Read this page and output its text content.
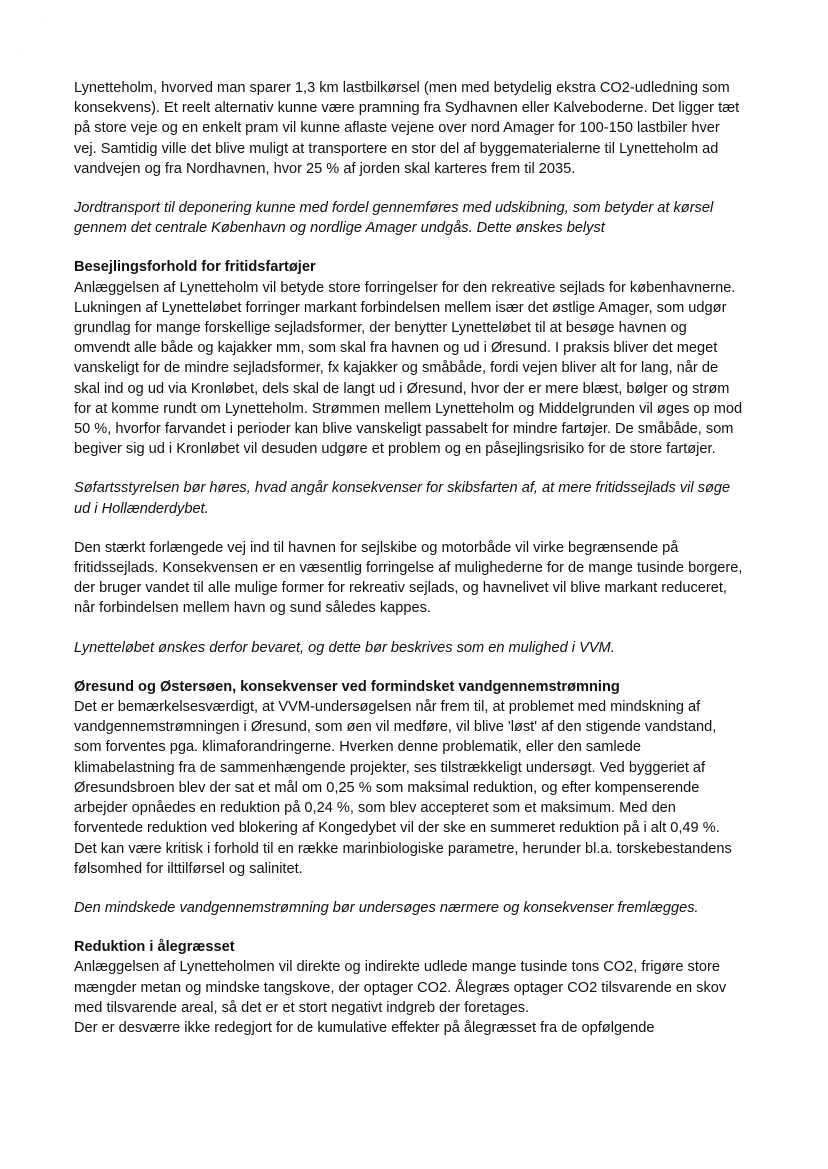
·
·

Lynetteholm, hvorved man sparer 1,3 km lastbilkørsel (men med betydelig ekstra CO2-udledning som konsekvens). Et reelt alternativ kunne være pramning fra Sydhavnen eller Kalveboderne. Det ligger tæt på store veje og en enkelt pram vil kunne aflaste vejene over nord Amager for 100-150 lastbiler hver vej. Samtidig ville det blive muligt at transportere en stor del af byggematerialerne til Lynetteholm ad vandvejen og fra Nordhavnen, hvor 25 % af jorden skal karteres frem til 2035.

Jordtransport til deponering kunne med fordel gennemføres med udskibning, som betyder at kørsel gennem det centrale København og nordlige Amager undgås. Dette ønskes belyst

Besejlingsforhold for fritidsfartøjer

Anlæggelsen af Lynetteholm vil betyde store forringelser for den rekreative sejlads for københavnerne. Lukningen af Lynetteløbet forringer markant forbindelsen mellem især det østlige Amager, som udgør grundlag for mange forskellige sejladsformer, der benytter Lynetteløbet til at besøge havnen og omvendt alle både og kajakker mm, som skal fra havnen og ud i Øresund. I praksis bliver det meget vanskeligt for de mindre sejladsformer, fx kajakker og småbåde, fordi vejen bliver alt for lang, når de skal ind og ud via Kronløbet, dels skal de langt ud i Øresund, hvor der er mere blæst, bølger og strøm for at komme rundt om Lynetteholm. Strømmen mellem Lynetteholm og Middelgrunden vil øges op mod 50 %, hvorfor farvandet i perioder kan blive vanskeligt passabelt for mindre fartøjer. De småbåde, som begiver sig ud i Kronløbet vil desuden udgøre et problem og en påsejlingsrisiko for de store fartøjer.

Søfartsstyrelsen bør høres, hvad angår konsekvenser for skibsfarten af, at mere fritidssejlads vil søge ud i Hollænderdybet.

Den stærkt forlængede vej ind til havnen for sejlskibe og motorbåde vil virke begrænsende på fritidssejlads. Konsekvensen er en væsentlig forringelse af mulighederne for de mange tusinde borgere, der bruger vandet til alle mulige former for rekreativ sejlads, og havnelivet vil blive markant reduceret, når forbindelsen mellem havn og sund således kappes.

Lynetteløbet ønskes derfor bevaret, og dette bør beskrives som en mulighed i VVM.

Øresund og Østersøen, konsekvenser ved formindsket vandgennemstrømning

Det er bemærkelsesværdigt, at VVM-undersøgelsen når frem til, at problemet med mindskning af vandgennemstrømningen i Øresund, som øen vil medføre, vil blive 'løst' af den stigende vandstand, som forventes pga. klimaforandringerne. Hverken denne problematik, eller den samlede klimabelastning fra de sammenhængende projekter, ses tilstrækkeligt undersøgt. Ved byggeriet af Øresundsbroen blev der sat et mål om 0,25 % som maksimal reduktion, og efter kompenserende arbejder opnåedes en reduktion på 0,24 %, som blev accepteret som et maksimum. Med den forventede reduktion ved blokering af Kongedybet vil der ske en summeret reduktion på i alt 0,49 %. Det kan være kritisk i forhold til en række marinbiologiske parametre, herunder bl.a. torskebestandens følsomhed for ilttilførsel og salinitet.

Den mindskede vandgennemstrømning bør undersøges nærmere og konsekvenser fremlægges.

Reduktion i ålegræsset

Anlæggelsen af Lynetteholmen vil direkte og indirekte udlede mange tusinde tons CO2, frigøre store mængder metan og mindske tangskove, der optager CO2. Ålegræs optager CO2 tilsvarende en skov med tilsvarende areal, så det er et stort negativt indgreb der foretages.

Der er desværre ikke redegjort for de kumulative effekter på ålegræsset fra de opfølgende
